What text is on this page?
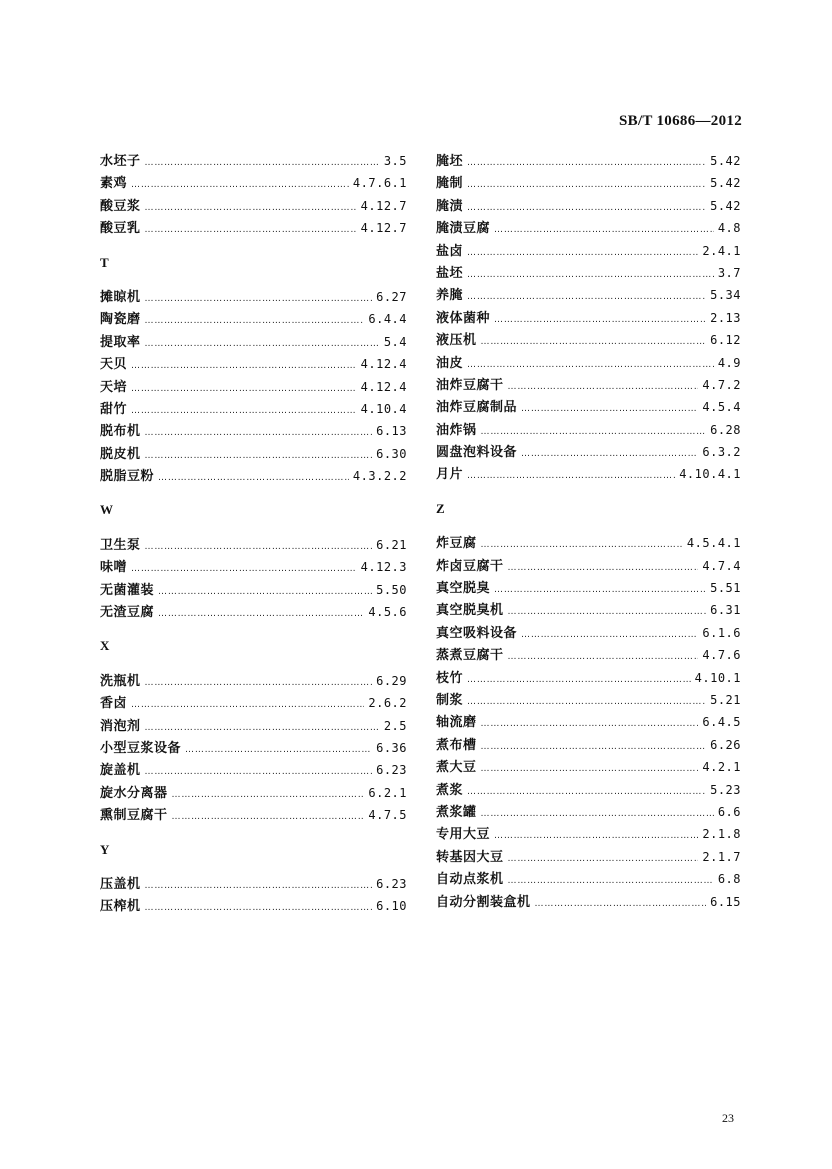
SB/T 10686—2012
水坯子 …………………………………………………………………………………………………………	3.5
素鸡 …………………………………………………………………………………………………………	4.7.6.1
酸豆浆 …………………………………………………………………………………………………………	4.12.7
酸豆乳 …………………………………………………………………………………………………………	4.12.7
T
摊晾机 …………………………………………………………………………………………………………	6.27
陶瓷磨 …………………………………………………………………………………………………………	6.4.4
提取率 …………………………………………………………………………………………………………	5.4
天贝 …………………………………………………………………………………………………………	4.12.4
天培 …………………………………………………………………………………………………………	4.12.4
甜竹 …………………………………………………………………………………………………………	4.10.4
脱布机 …………………………………………………………………………………………………………	6.13
脱皮机 …………………………………………………………………………………………………………	6.30
脱脂豆粉 …………………………………………………………………………………………………………	4.3.2.2
W
卫生泵 …………………………………………………………………………………………………………	6.21
味噌 …………………………………………………………………………………………………………	4.12.3
无菌灌装 …………………………………………………………………………………………………………	5.50
无渣豆腐 …………………………………………………………………………………………………………	4.5.6
X
洗瓶机 …………………………………………………………………………………………………………	6.29
香卤 …………………………………………………………………………………………………………	2.6.2
消泡剂 …………………………………………………………………………………………………………	2.5
小型豆浆设备 …………………………………………………………………………………………………………	6.36
旋盖机 …………………………………………………………………………………………………………	6.23
旋水分离器 …………………………………………………………………………………………………………	6.2.1
熏制豆腐干 …………………………………………………………………………………………………………	4.7.5
Y
压盖机 …………………………………………………………………………………………………………	6.23
压榨机 …………………………………………………………………………………………………………	6.10
腌坯 …………………………………………………………………………………………………………	5.42
腌制 …………………………………………………………………………………………………………	5.42
腌渍 …………………………………………………………………………………………………………	5.42
腌渍豆腐 …………………………………………………………………………………………………………	4.8
盐卤 …………………………………………………………………………………………………………	2.4.1
盐坯 …………………………………………………………………………………………………………	3.7
养腌 …………………………………………………………………………………………………………	5.34
液体菌种 …………………………………………………………………………………………………………	2.13
液压机 …………………………………………………………………………………………………………	6.12
油皮 …………………………………………………………………………………………………………	4.9
油炸豆腐干 …………………………………………………………………………………………………………	4.7.2
油炸豆腐制品 …………………………………………………………………………………………………………	4.5.4
油炸锅 …………………………………………………………………………………………………………	6.28
圆盘泡料设备 …………………………………………………………………………………………………………	6.3.2
月片 …………………………………………………………………………………………………………	4.10.4.1
Z
炸豆腐 …………………………………………………………………………………………………………	4.5.4.1
炸卤豆腐干 …………………………………………………………………………………………………………	4.7.4
真空脱臭 …………………………………………………………………………………………………………	5.51
真空脱臭机 …………………………………………………………………………………………………………	6.31
真空吸料设备 …………………………………………………………………………………………………………	6.1.6
蒸煮豆腐干 …………………………………………………………………………………………………………	4.7.6
枝竹 …………………………………………………………………………………………………………	4.10.1
制浆 …………………………………………………………………………………………………………	5.21
轴流磨 …………………………………………………………………………………………………………	6.4.5
煮布槽 …………………………………………………………………………………………………………	6.26
煮大豆 …………………………………………………………………………………………………………	4.2.1
煮浆 …………………………………………………………………………………………………………	5.23
煮浆罐 …………………………………………………………………………………………………………	6.6
专用大豆 …………………………………………………………………………………………………………	2.1.8
转基因大豆 …………………………………………………………………………………………………………	2.1.7
自动点浆机 …………………………………………………………………………………………………………	6.8
自动分割装盒机 …………………………………………………………………………………………………………	6.15
23
